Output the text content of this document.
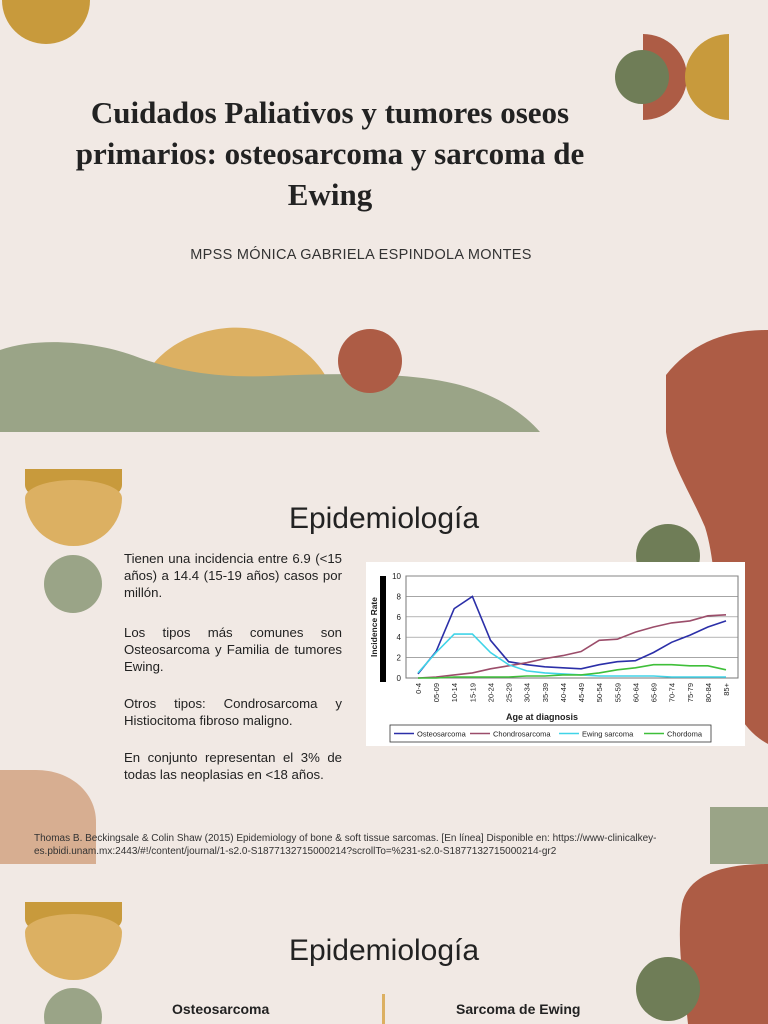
Cuidados Paliativos y tumores oseos primarios: osteosarcoma y sarcoma de Ewing
MPSS MÓNICA GABRIELA ESPINDOLA MONTES
Epidemiología

Tienen una incidencia entre 6.9 (<15 años) a 14.4 (15-19 años) casos por millón.

Los tipos más comunes son Osteosarcoma y Familia de tumores Ewing.

Otros tipos: Condrosarcoma y Histiocitoma fibroso maligno.

En conjunto representan el 3% de todas las neoplasias en <18 años.

0
2
4
6
8
10
Incidence Rate
0-4 05-09 10-14 15-19 20-24 25-29 30-34 35-39 40-44 45-49 50-54 55-59 60-64 65-69 70-74 75-79 80-84 85+
Age at diagnosis
Osteosarcoma	Chondrosarcoma	Ewing sarcoma	Chordoma
Thomas B. Beckingsale & Colin Shaw (2015) Epidemiology of bone & soft tissue sarcomas. [En línea] Disponible en: https://www-clinicalkey-es.pbidi.unam.mx:2443/#!/content/journal/1-s2.0-S1877132715000214?scrollTo=%231-s2.0-S1877132715000214-gr2
Epidemiología
Osteosarcoma	Sarcoma de Ewing
